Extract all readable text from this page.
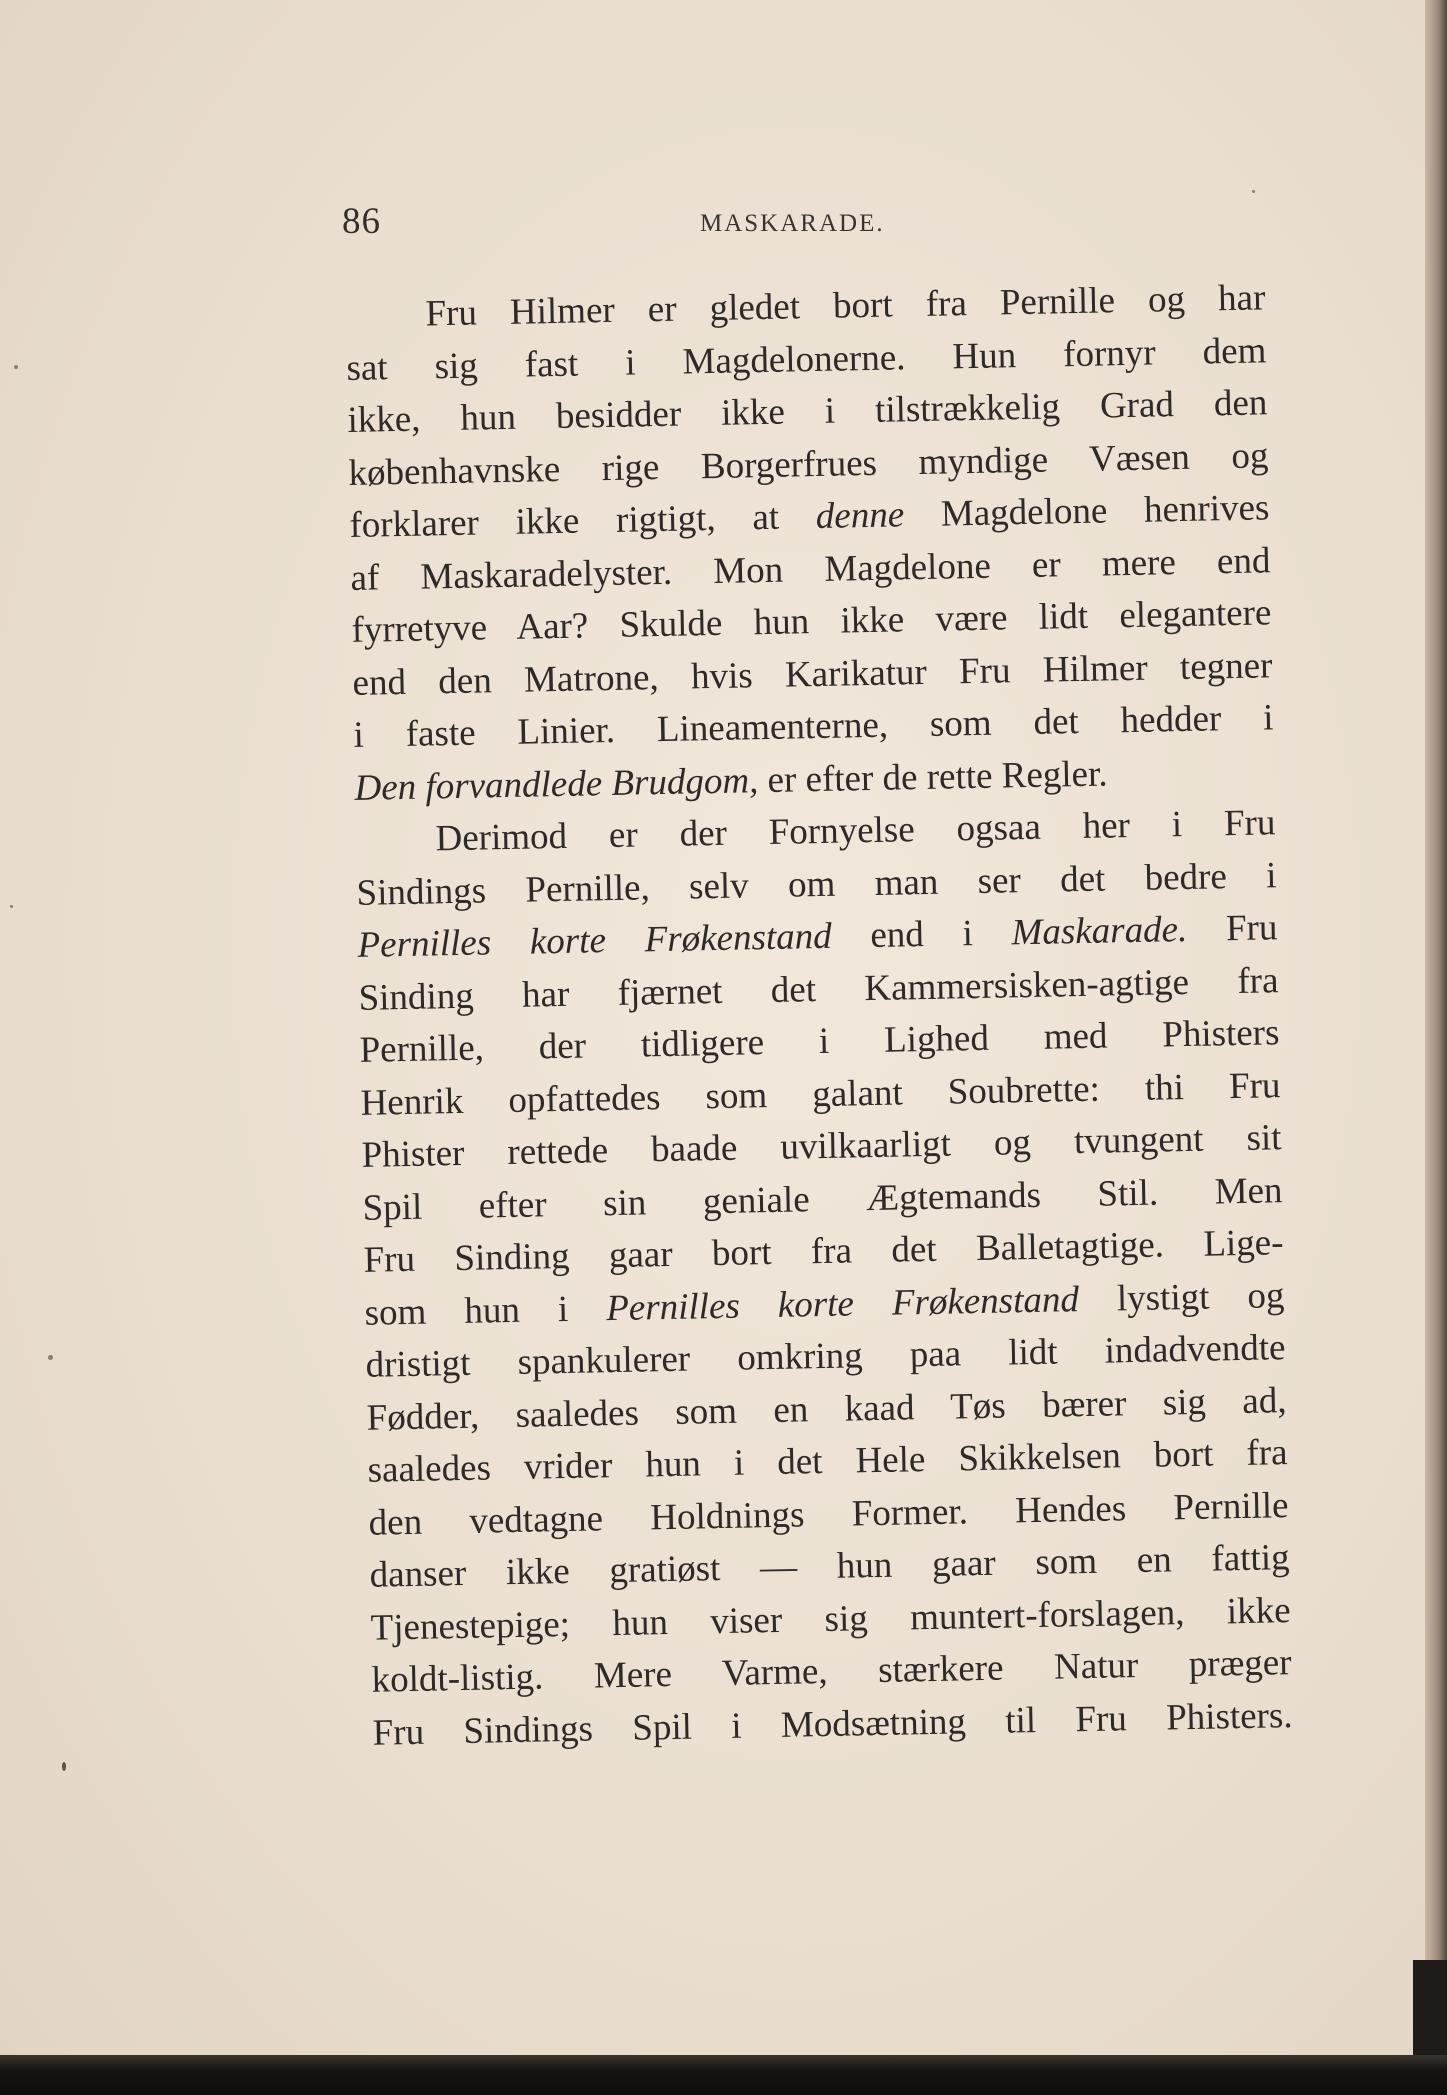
86	MASKARADE.
Fru Hilmer er gledet bort fra Pernille og har
sat sig fast i Magdelonerne. Hun fornyr dem
ikke, hun besidder ikke i tilstrækkelig Grad den
københavnske rige Borgerfrues myndige Væsen og
forklarer ikke rigtigt, at denne Magdelone henrives
af Maskaradelyster. Mon Magdelone er mere end
fyrretyve Aar? Skulde hun ikke være lidt elegantere
end den Matrone, hvis Karikatur Fru Hilmer tegner
i faste Linier. Lineamenterne, som det hedder i
Den forvandlede Brudgom, er efter de rette Regler.
Derimod er der Fornyelse ogsaa her i Fru
Sindings Pernille, selv om man ser det bedre i
Pernilles korte Frøkenstand end i Maskarade. Fru
Sinding har fjærnet det Kammersisken-agtige fra
Pernille, der tidligere i Lighed med Phisters
Henrik opfattedes som galant Soubrette: thi Fru
Phister rettede baade uvilkaarligt og tvungent sit
Spil efter sin geniale Ægtemands Stil. Men
Fru Sinding gaar bort fra det Balletagtige. Lige-
som hun i Pernilles korte Frøkenstand lystigt og
dristigt spankulerer omkring paa lidt indadvendte
Fødder, saaledes som en kaad Tøs bærer sig ad,
saaledes vrider hun i det Hele Skikkelsen bort fra
den vedtagne Holdnings Former. Hendes Pernille
danser ikke gratiøst — hun gaar som en fattig
Tjenestepige; hun viser sig muntert-forslagen, ikke
koldt-listig. Mere Varme, stærkere Natur præger
Fru Sindings Spil i Modsætning til Fru Phisters.
